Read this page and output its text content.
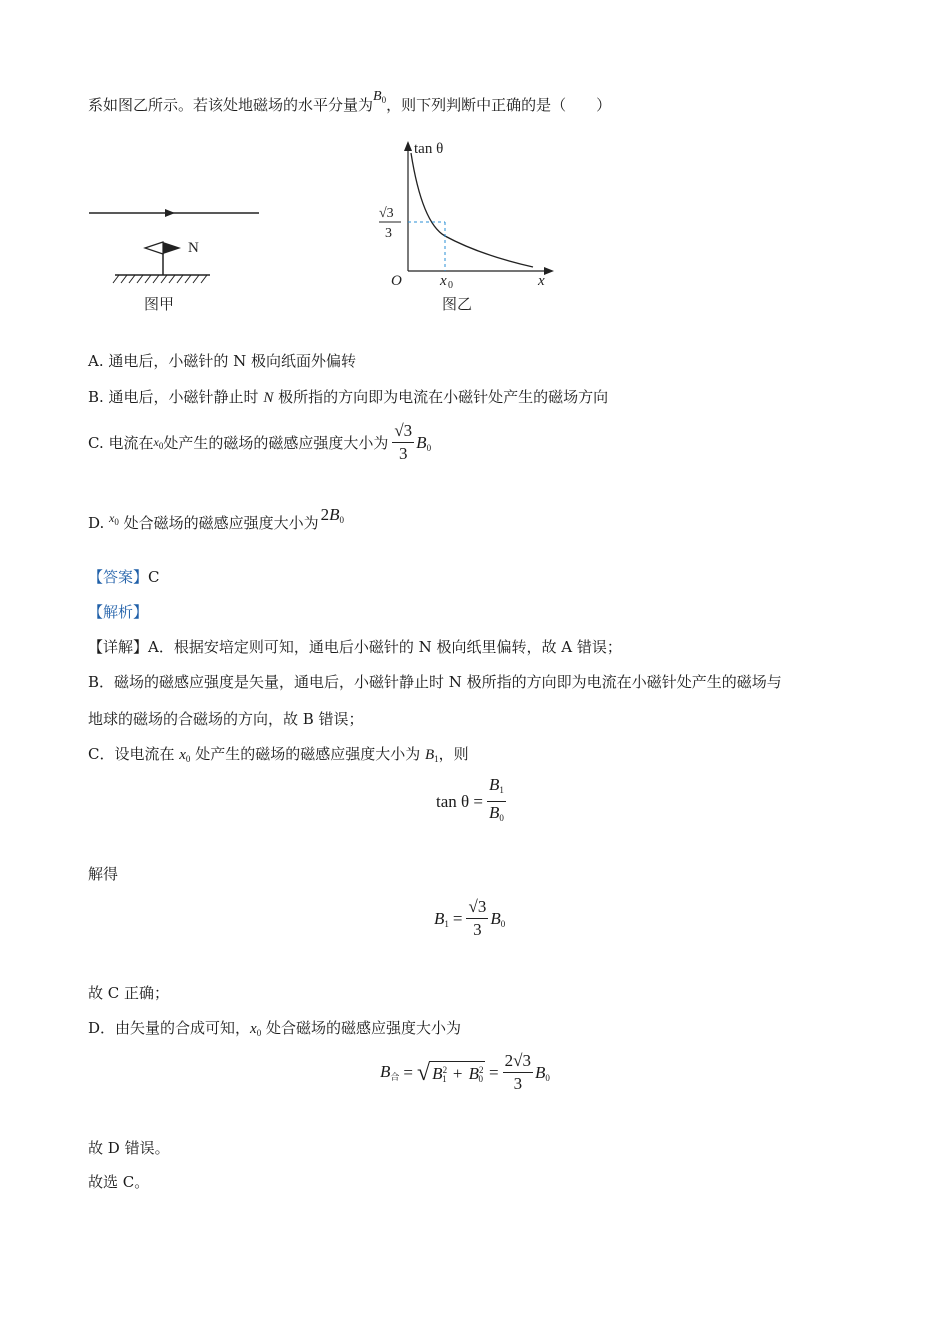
系如图乙所示。若该处地磁场的水平分量为$B_0$，则下列判断中正确的是（　　）
N
图甲
tan θ
√3
3
O	x 0	x
图乙
A. 通电后，小磁针的 N 极向纸面外偏转
B. 通电后，小磁针静止时 N 极所指的方向即为电流在小磁针处产生的磁场方向
C. 电流在 $x_0$ 处产生的磁场的磁感应强度大小为 $\frac{√3}{3} B_0$
D. $^{x_0}$ 处合磁场的磁感应强度大小为 $2B_0$
【答案】C
【解析】
【详解】A．根据安培定则可知，通电后小磁针的 N 极向纸里偏转，故 A 错误；
B．磁场的磁感应强度是矢量，通电后，小磁针静止时 N 极所指的方向即为电流在小磁针处产生的磁场与
地球的磁场的合磁场的方向，故 B 错误；
C．设电流在 $x_0$ 处产生的磁场的磁感应强度大小为 $B_1$，则
$\tan \theta = \frac{B_1}{B_0}$
解得
$B_1 = \frac{√3}{3} B_0$
故 C 正确；
D．由矢量的合成可知，$x_0$ 处合磁场的磁感应强度大小为
$B_合$ = √ $B^2_1 + B^2_0 = \frac{2√3}{3} B_0$
故 D 错误。
故选 C。
